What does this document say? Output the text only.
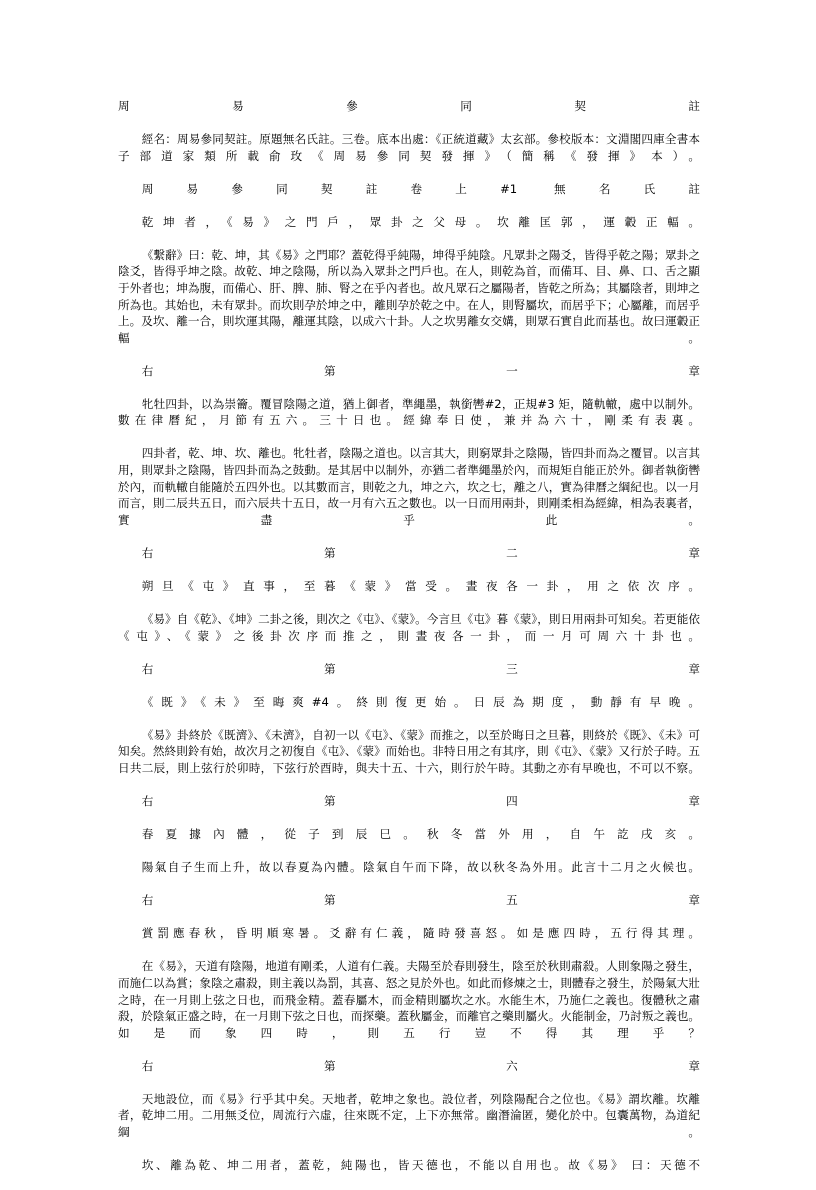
周易參同契註

經名：周易參同契註。原題無名氏註。三卷。底本出處：《正統道藏》太玄部。參校版本：文淵閣四庫全書本子部道家類所載俞玫《周易參同契發揮》（簡稱《發揮》本）。

周易參同契註卷上#1 無名氏註

乾坤者，《易》之門戶，眾卦之父母。坎離匡郭，運轂正輻。

《繫辭》曰：乾、坤，其《易》之門耶？蓋乾得乎純陽，坤得乎純陰。凡眾卦之陽爻，皆得乎乾之陽；眾卦之陰爻，皆得乎坤之陰。故乾、坤之陰陽，所以為入眾卦之門戶也。在人，則乾為首，而備耳、目、鼻、口、舌之顯于外者也；坤為腹，而備心、肝、脾、肺、腎之在乎內者也。故凡眾石之屬陽者，皆乾之所為；其屬陰者，則坤之所為也。其始也，未有眾卦。而坎則孕於坤之中，離則孕於乾之中。在人，則腎屬坎，而居乎下；心屬離，而居乎上。及坎、離一合，則坎運其陽，離運其陰，以成六十卦。人之坎男離女交媾，則眾石實自此而基也。故曰運轂正輻。

右第一章

牝牡四卦，以為崇籥。覆冒陰陽之道，猶上御者，準繩墨，執銜轡#2，正規#3 矩，隨軌轍，處中以制外。數在律曆紀，月節有五六。三十日也。經緯奉日使，兼并為六十，剛柔有表裏。

四卦者，乾、坤、坎、離也。牝牡者，陰陽之道也。以言其大，則窮眾卦之陰陽，皆四卦而為之覆冒。以言其用，則眾卦之陰陽，皆四卦而為之鼓動。是其居中以制外，亦猶二者準繩墨於內，而規矩自能正於外。御者執銜轡於內，而軌轍自能隨於五四外也。以其數而言，則乾之九，坤之六，坎之七，離之八，實為律曆之綱紀也。以一月而言，則二辰共五日，而六辰共十五日，故一月有六五之數也。以一日而用兩卦，則剛柔相為經緯，相為表裏者，實盡乎此。

右第二章

朔旦《屯》直事，至暮《蒙》當受。晝夜各一卦，用之依次序。

《易》自《乾》、《坤》二卦之後，則次之《屯》、《蒙》。今言旦《屯》暮《蒙》，則日用兩卦可知矣。若更能依《屯》、《蒙》之後卦次序而推之，則晝夜各一卦，而一月可周六十卦也。

右第三章

《既》《未》至晦爽#4。終則復更始。日辰為期度，動靜有早晚。

《易》卦終於《既濟》、《未濟》，自初一以《屯》、《蒙》而推之，以至於晦日之旦暮，則終於《既》、《未》可知矣。然終則鈴有始，故次月之初復自《屯》、《蒙》而始也。非特日用之有其序，則《屯》、《蒙》又行於子時。五日共二辰，則上弦行於卯時，下弦行於酉時，與夫十五、十六，則行於午時。其動之亦有早晚也，不可以不察。

右第四章

春夏據內體，從子到辰巳。秋冬當外用，自午訖戌亥。

陽氣自子生而上升，故以春夏為內體。陰氣自午而下降，故以秋冬為外用。此言十二月之火候也。

右第五章

賞罰應春秋，昏明順寒暑。爻辭有仁義，隨時發喜怒。如是應四時，五行得其理。

在《易》，天道有陰陽，地道有剛柔，人道有仁義。夫陽至於春則發生，陰至於秋則肅殺。人則象陽之發生，而施仁以為賞；象陰之肅殺，則主義以為罰，其喜、怒之見於外也。如此而修煉之士，則體春之發生，於陽氣大壯之時，在一月則上弦之日也，而飛金精。蓋春屬木，而金精則屬坎之水。水能生木，乃施仁之義也。復體秋之肅殺，於陰氣正盛之時，在一月則下弦之日也，而探藥。蓋秋屬金，而離官之藥則屬火。火能制金，乃討叛之義也。如是而象四時，則五行豈不得其理乎？

右第六章

天地設位，而《易》行乎其中矣。天地者，乾坤之象也。設位者，列陰陽配合之位也。《易》謂坎離。坎離者，乾坤二用。二用無爻位，周流行六虛，往來既不定，上下亦無常。幽潛淪匿，變化於中。包囊萬物，為道紀綱。

坎、離為乾、坤二用者，蓋乾，純陽也，皆天德也，不能以自用也。故《易》 曰：天德不
